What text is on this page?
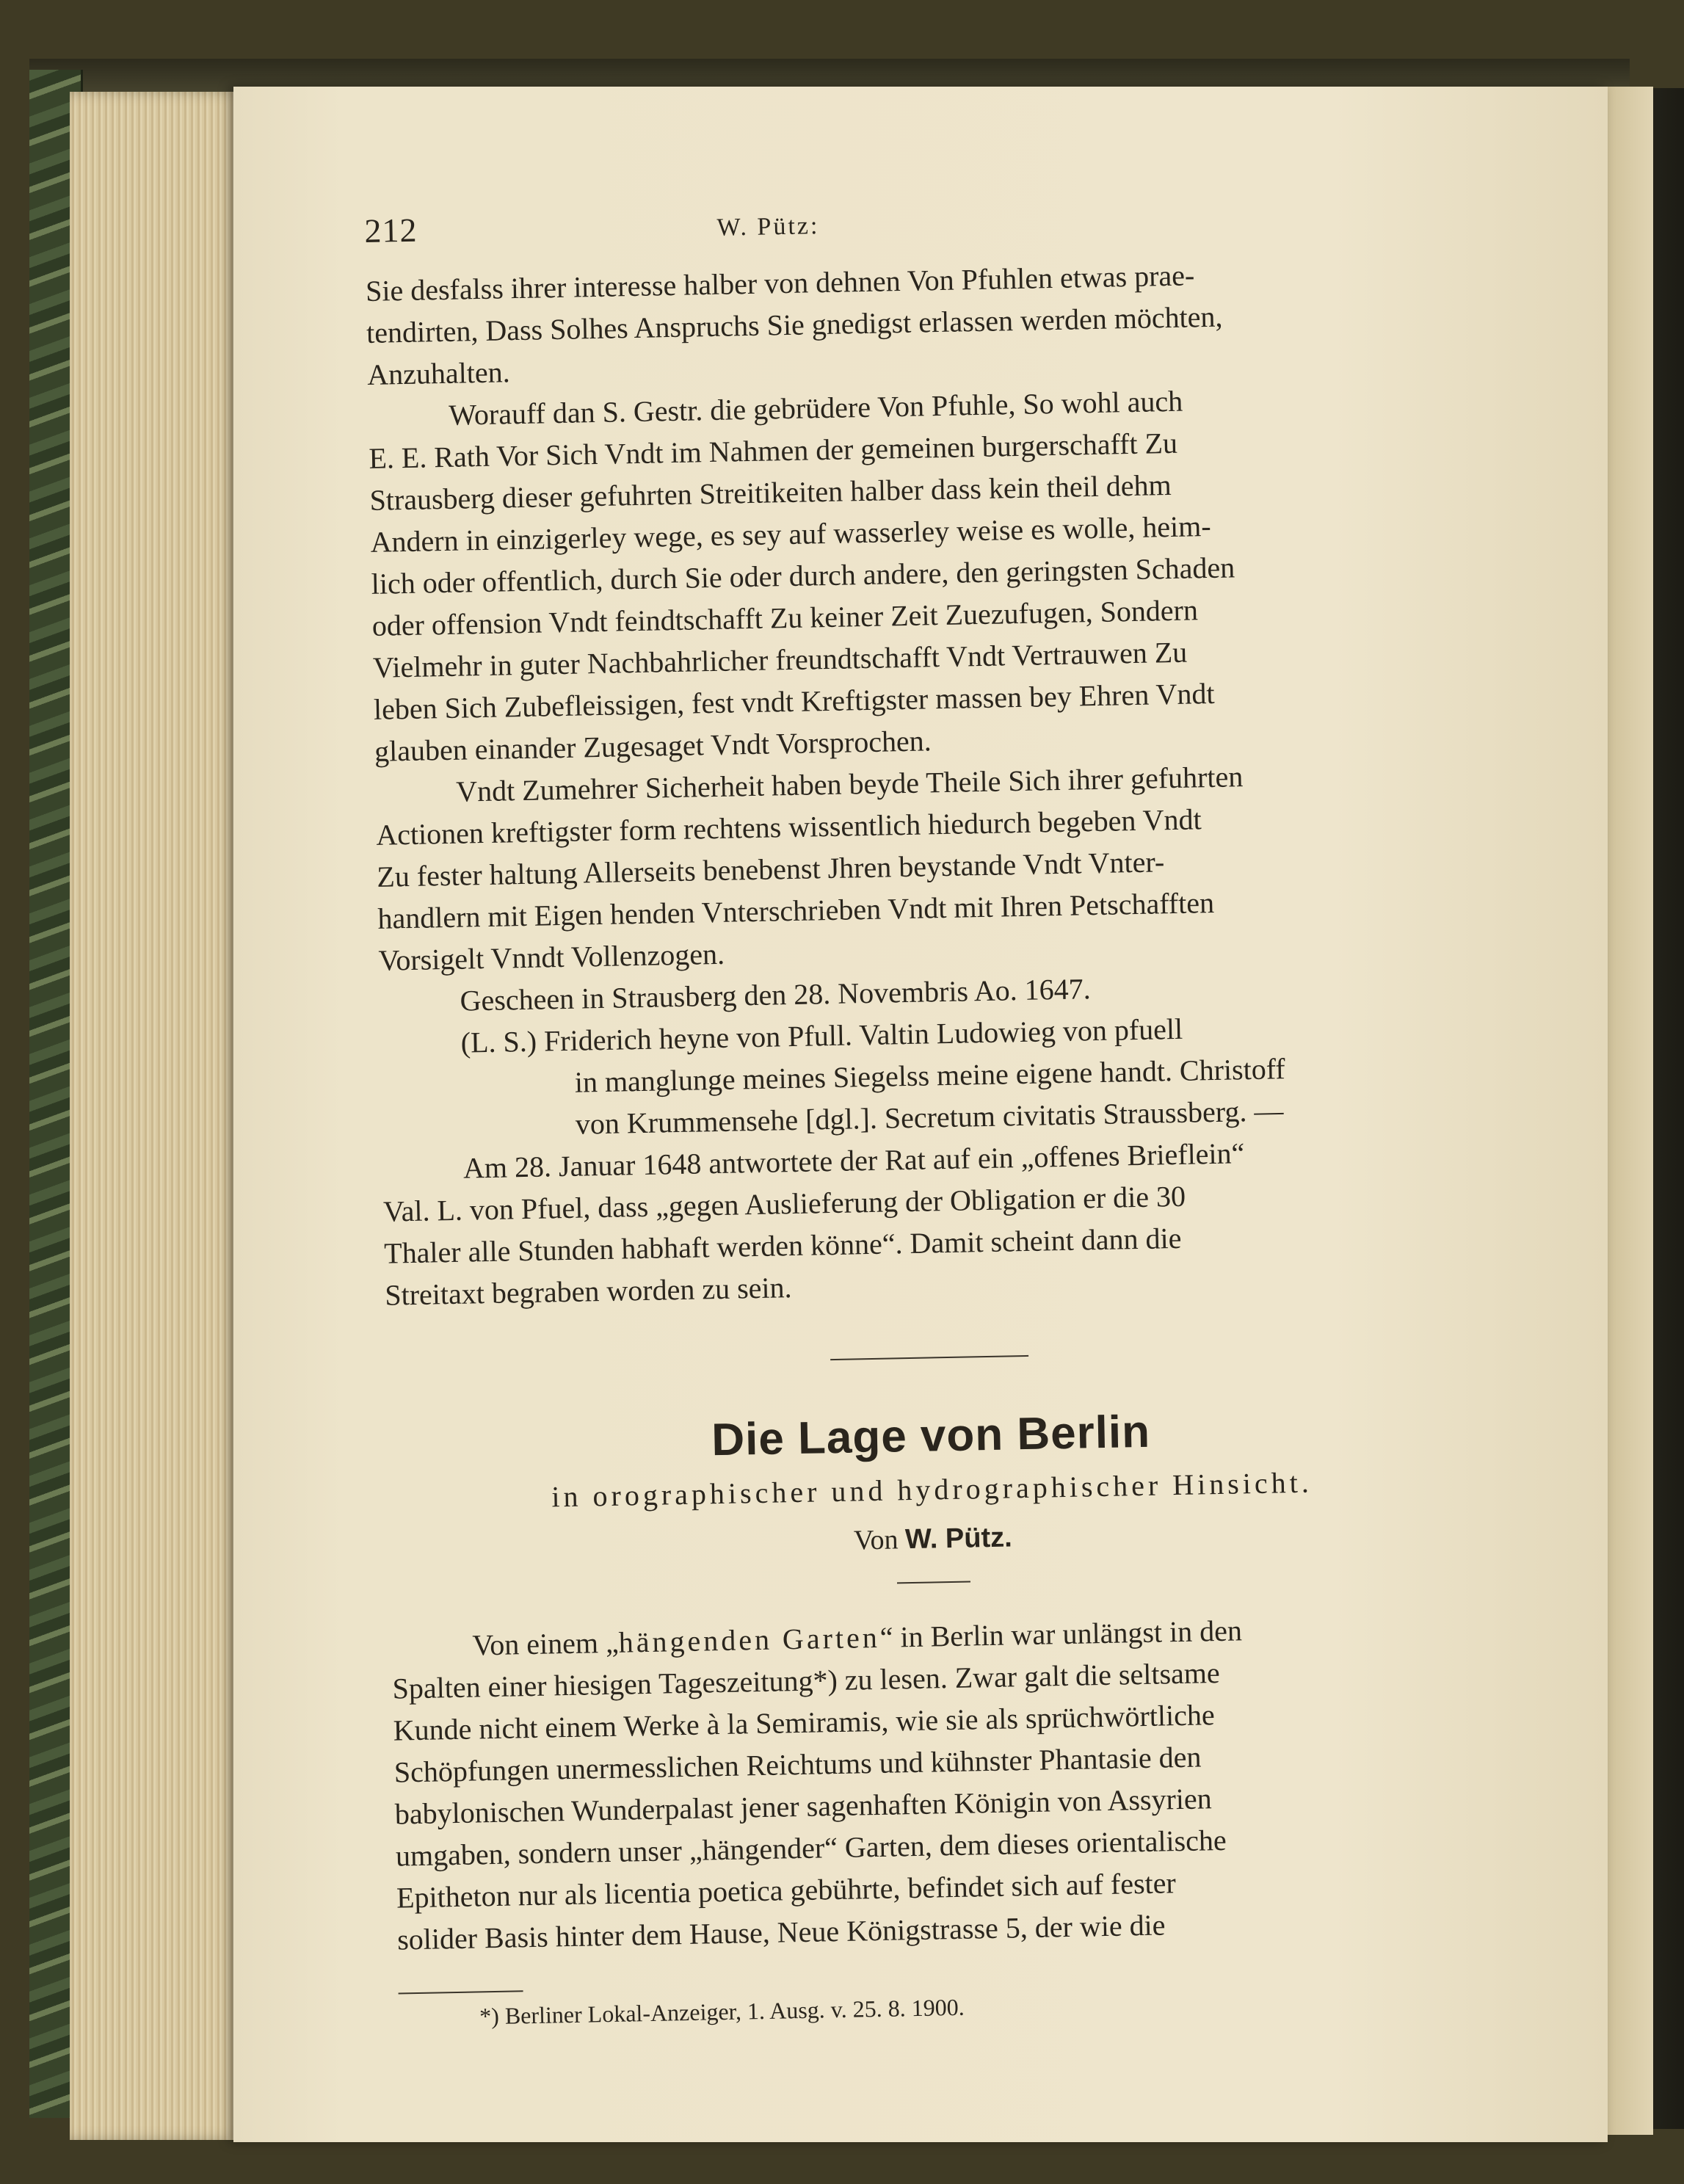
212	W. Pütz:

Sie desfalss ihrer interesse halber von dehnen Von Pfuhlen etwas prae-
tendirten, Dass Solhes Anspruchs Sie gnedigst erlassen werden möchten,
Anzuhalten.

Worauff dan S. Gestr. die gebrüdere Von Pfuhle, So wohl auch
E. E. Rath Vor Sich Vndt im Nahmen der gemeinen burgerschafft Zu
Strausberg dieser gefuhrten Streitikeiten halber dass kein theil dehm
Andern in einzigerley wege, es sey auf wasserley weise es wolle, heim-
lich oder offentlich, durch Sie oder durch andere, den geringsten Schaden
oder offension Vndt feindtschafft Zu keiner Zeit Zuezufugen, Sondern
Vielmehr in guter Nachbahrlicher freundtschafft Vndt Vertrauwen Zu
leben Sich Zubefleissigen, fest vndt Kreftigster massen bey Ehren Vndt
glauben einander Zugesaget Vndt Vorsprochen.

Vndt Zumehrer Sicherheit haben beyde Theile Sich ihrer gefuhrten
Actionen kreftigster form rechtens wissentlich hiedurch begeben Vndt
Zu fester haltung Allerseits benebenst Jhren beystande Vndt Vnter-
handlern mit Eigen henden Vnterschrieben Vndt mit Ihren Petschafften
Vorsigelt Vnndt Vollenzogen.

Gescheen in Strausberg den 28. Novembris Ao. 1647.

(L. S.) Friderich heyne von Pfull. Valtin Ludowieg von pfuell

in manglunge meines Siegelss meine eigene handt. Christoff
von Krummensehe [dgl.]. Secretum civitatis Straussberg. —

Am 28. Januar 1648 antwortete der Rat auf ein „offenes Brieflein“
Val. L. von Pfuel, dass „gegen Auslieferung der Obligation er die 30
Thaler alle Stunden habhaft werden könne“. Damit scheint dann die
Streitaxt begraben worden zu sein.

Die Lage von Berlin

in orographischer und hydrographischer Hinsicht.

Von W. Pütz.

Von einem „hängenden Garten“ in Berlin war unlängst in den
Spalten einer hiesigen Tageszeitung*) zu lesen. Zwar galt die seltsame
Kunde nicht einem Werke à la Semiramis, wie sie als sprüchwörtliche
Schöpfungen unermesslichen Reichtums und kühnster Phantasie den
babylonischen Wunderpalast jener sagenhaften Königin von Assyrien
umgaben, sondern unser „hängender“ Garten, dem dieses orientalische
Epitheton nur als licentia poetica gebührte, befindet sich auf fester
solider Basis hinter dem Hause, Neue Königstrasse 5, der wie die

*) Berliner Lokal-Anzeiger, 1. Ausg. v. 25. 8. 1900.
